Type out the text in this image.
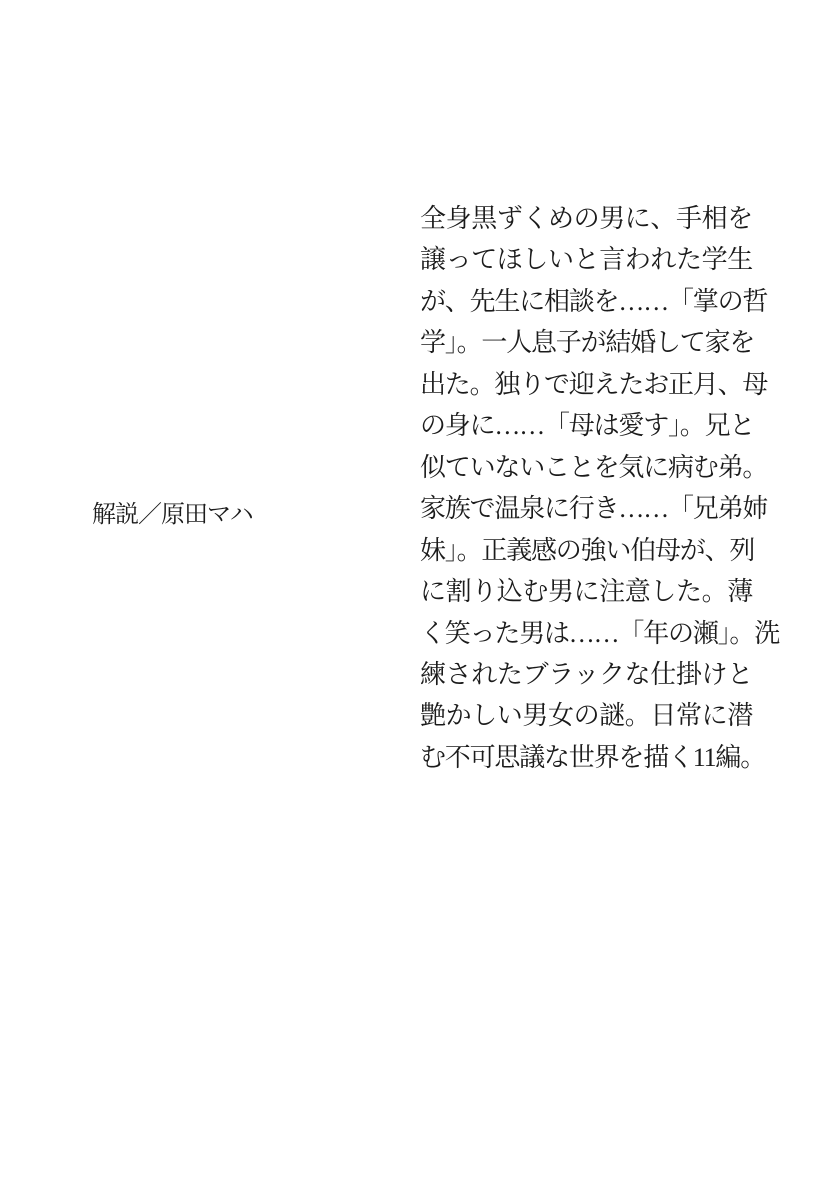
解説／原田マハ
全身黒ずくめの男に、手相を
譲ってほしいと言われた学生
が、先生に相談を……「掌の哲
学」。一人息子が結婚して家を
出た。独りで迎えたお正月、母
の身に……「母は愛す」。兄と
似ていないことを気に病む弟。
家族で温泉に行き……「兄弟姉
妹」。正義感の強い伯母が、列
に割り込む男に注意した。薄
く笑った男は……「年の瀬」。洗
練されたブラックな仕掛けと
艶かしい男女の謎。日常に潜
む不可思議な世界を描く11編。
